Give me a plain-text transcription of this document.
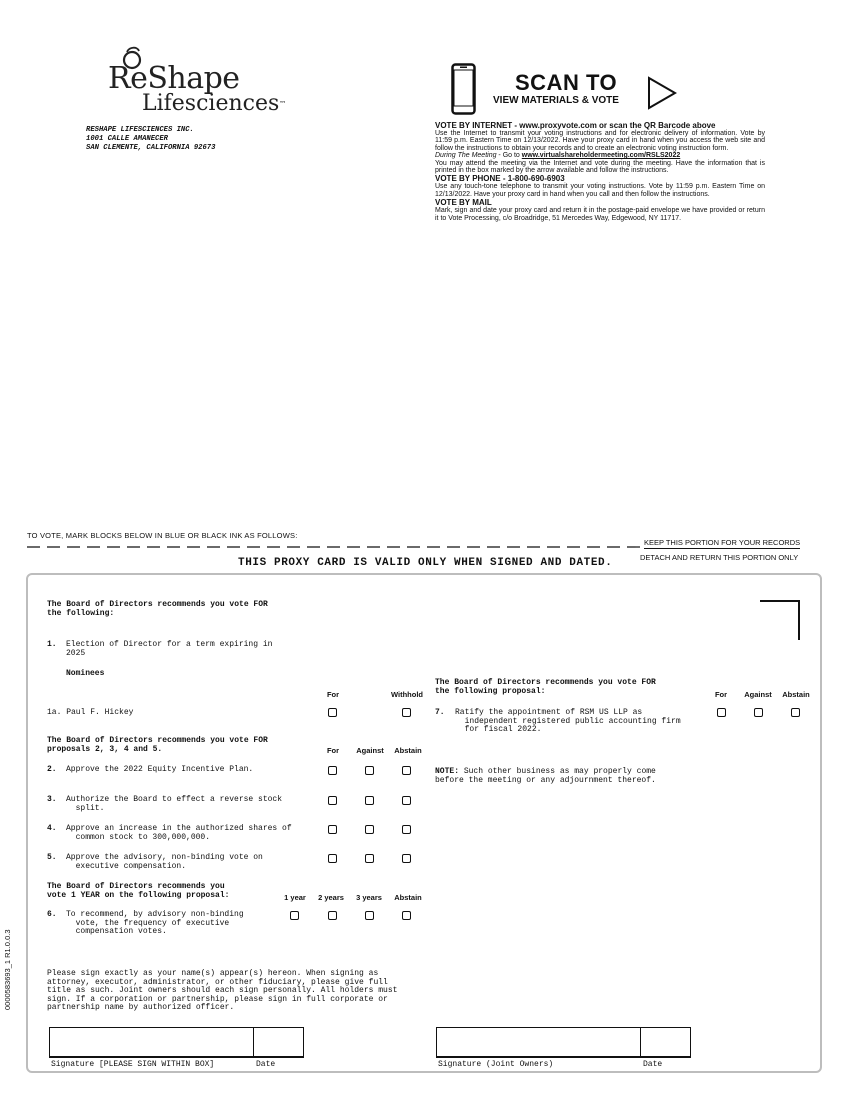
ReShape
Lifesciences™
RESHAPE LIFESCIENCES INC.
1001 CALLE AMANECER
SAN CLEMENTE, CALIFORNIA 92673
SCAN TO
VIEW MATERIALS & VOTE

VOTE BY INTERNET - www.proxyvote.com or scan the QR Barcode above

Use the Internet to transmit your voting instructions and for electronic delivery of information. Vote by 11:59 p.m. Eastern Time on 12/13/2022. Have your proxy card in hand when you access the web site and follow the instructions to obtain your records and to create an electronic voting instruction form.

During The Meeting - Go to www.virtualshareholdermeeting.com/RSLS2022

You may attend the meeting via the Internet and vote during the meeting. Have the information that is printed in the box marked by the arrow available and follow the instructions.

VOTE BY PHONE - 1-800-690-6903

Use any touch-tone telephone to transmit your voting instructions. Vote by 11:59 p.m. Eastern Time on 12/13/2022. Have your proxy card in hand when you call and then follow the instructions.

VOTE BY MAIL

Mark, sign and date your proxy card and return it in the postage-paid envelope we have provided or return it to Vote Processing, c/o Broadridge, 51 Mercedes Way, Edgewood, NY 11717.

TO VOTE, MARK BLOCKS BELOW IN BLUE OR BLACK INK AS FOLLOWS:
KEEP THIS PORTION FOR YOUR RECORDS
DETACH AND RETURN THIS PORTION ONLY
THIS PROXY CARD IS VALID ONLY WHEN SIGNED AND DATED.
0000583693_1 R1.0.0.3
The Board of Directors recommends you vote FOR
the following:
1. Election of Director for a term expiring in
2025
Nominees
For	Withhold
1a. Paul F. Hickey
The Board of Directors recommends you vote FOR
proposals 2, 3, 4 and 5.	For	Against	Abstain
2. Approve the 2022 Equity Incentive Plan.
3. Authorize the Board to effect a reverse stock
split.
4. Approve an increase in the authorized shares of
common stock to 300,000,000.
5. Approve the advisory, non-binding vote on
executive compensation.
The Board of Directors recommends you
vote 1 YEAR on the following proposal:	1 year	2 years	3 years	Abstain
6. To recommend, by advisory non-binding
vote, the frequency of executive
compensation votes.
Please sign exactly as your name(s) appear(s) hereon. When signing as
attorney, executor, administrator, or other fiduciary, please give full
title as such. Joint owners should each sign personally. All holders must
sign. If a corporation or partnership, please sign in full corporate or
partnership name by authorized officer.
The Board of Directors recommends you vote FOR
the following proposal:	For	Against	Abstain
7. Ratify the appointment of RSM US LLP as
independent registered public accounting firm
for fiscal 2022.
NOTE: Such other business as may properly come
before the meeting or any adjournment thereof.
Signature [PLEASE SIGN WITHIN BOX]	Date	Signature (Joint Owners)	Date
